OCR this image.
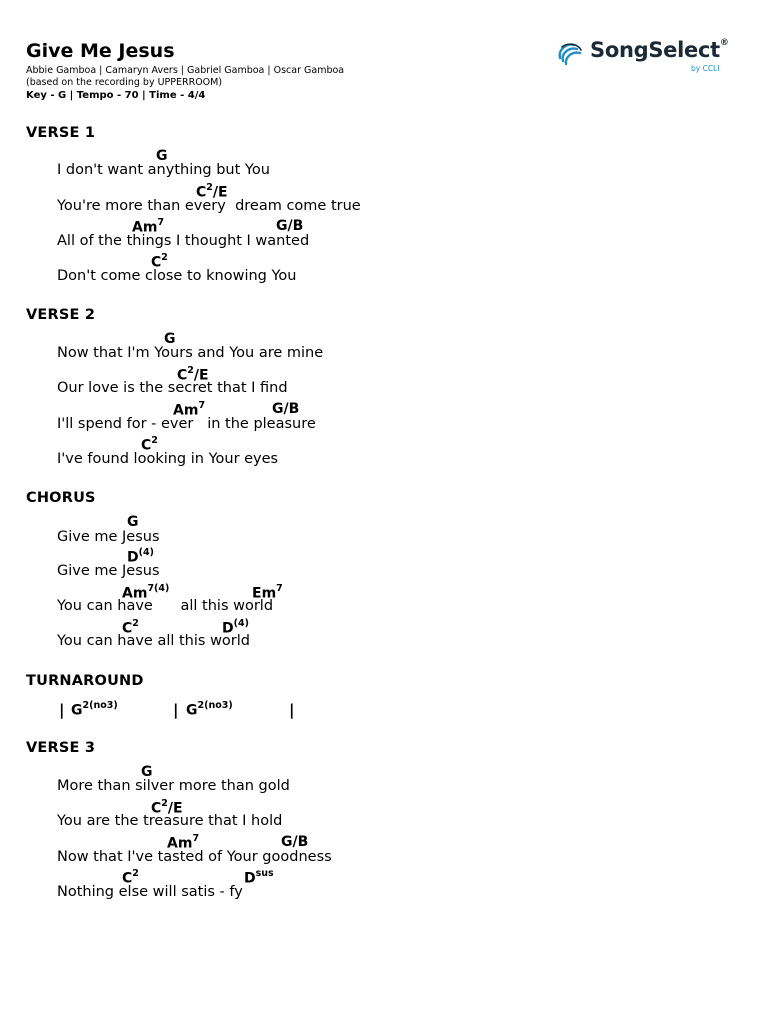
Give Me Jesus
Abbie Gamboa | Camaryn Avers | Gabriel Gamboa | Oscar Gamboa
(based on the recording by UPPERROOM)
Key - G | Tempo - 70 | Time - 4/4
SongSelect®
by CCLI
VERSE 1
G
I don't want anything but You
$C^2/E$
You're more than every  dream come true
Am$^7$	G/B
All of the things I thought I wanted
$C^2$
Don't come close to knowing You
VERSE 2
G
Now that I'm Yours and You are mine
$C^2/E$
Our love is the secret that I find
Am$^7$	G/B
I'll spend for - ever   in the pleasure
$C^2$
I've found looking in Your eyes
CHORUS
G
Give me Jesus
$D^{(4)}$
Give me Jesus
$Am^{7(4)}$	Em$^7$
You can have      all this world
$C^2$	$D^{(4)}$
You can have all this world
TURNAROUND
| $G^{2(no3)}$	| $G^{2(no3)}$	|
VERSE 3
G
More than silver more than gold
$C^2/E$
You are the treasure that I hold
Am$^7$	G/B
Now that I've tasted of Your goodness
$C^2$	$D^{sus}$
Nothing else will satis - fy
